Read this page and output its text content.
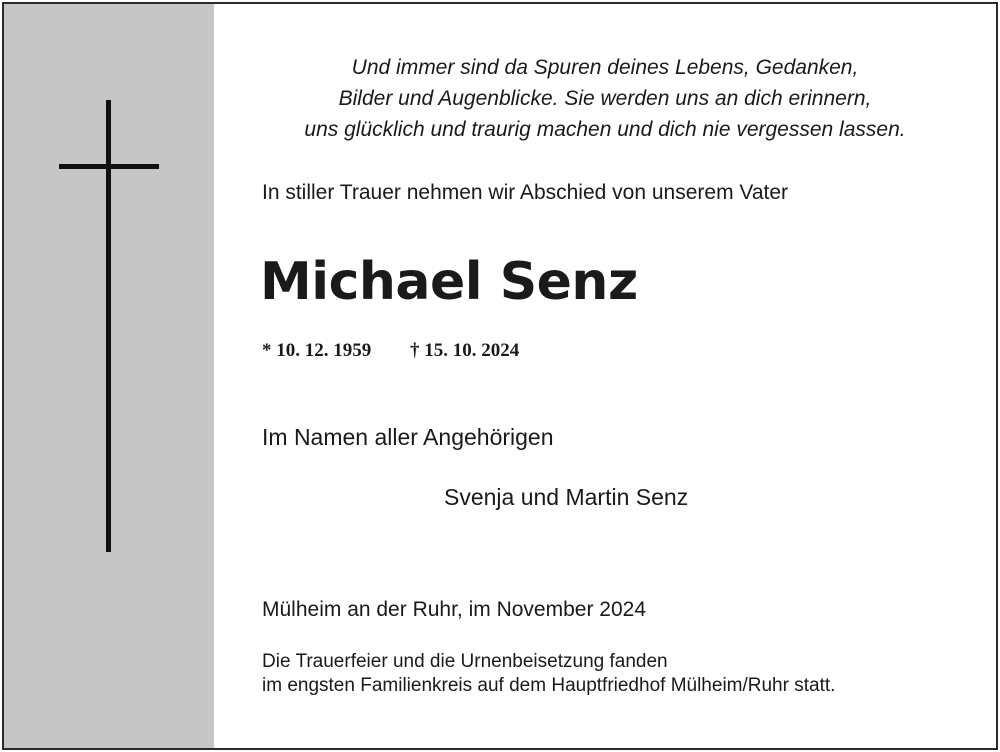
Und immer sind da Spuren deines Lebens, Gedanken,
Bilder und Augenblicke. Sie werden uns an dich erinnern,
uns glücklich und traurig machen und dich nie vergessen lassen.
In stiller Trauer nehmen wir Abschied von unserem Vater
Michael Senz
* 10. 12. 1959 † 15. 10. 2024
Im Namen aller Angehörigen
Svenja und Martin Senz
Mülheim an der Ruhr, im November 2024
Die Trauerfeier und die Urnenbeisetzung fanden
im engsten Familienkreis auf dem Hauptfriedhof Mülheim/Ruhr statt.
